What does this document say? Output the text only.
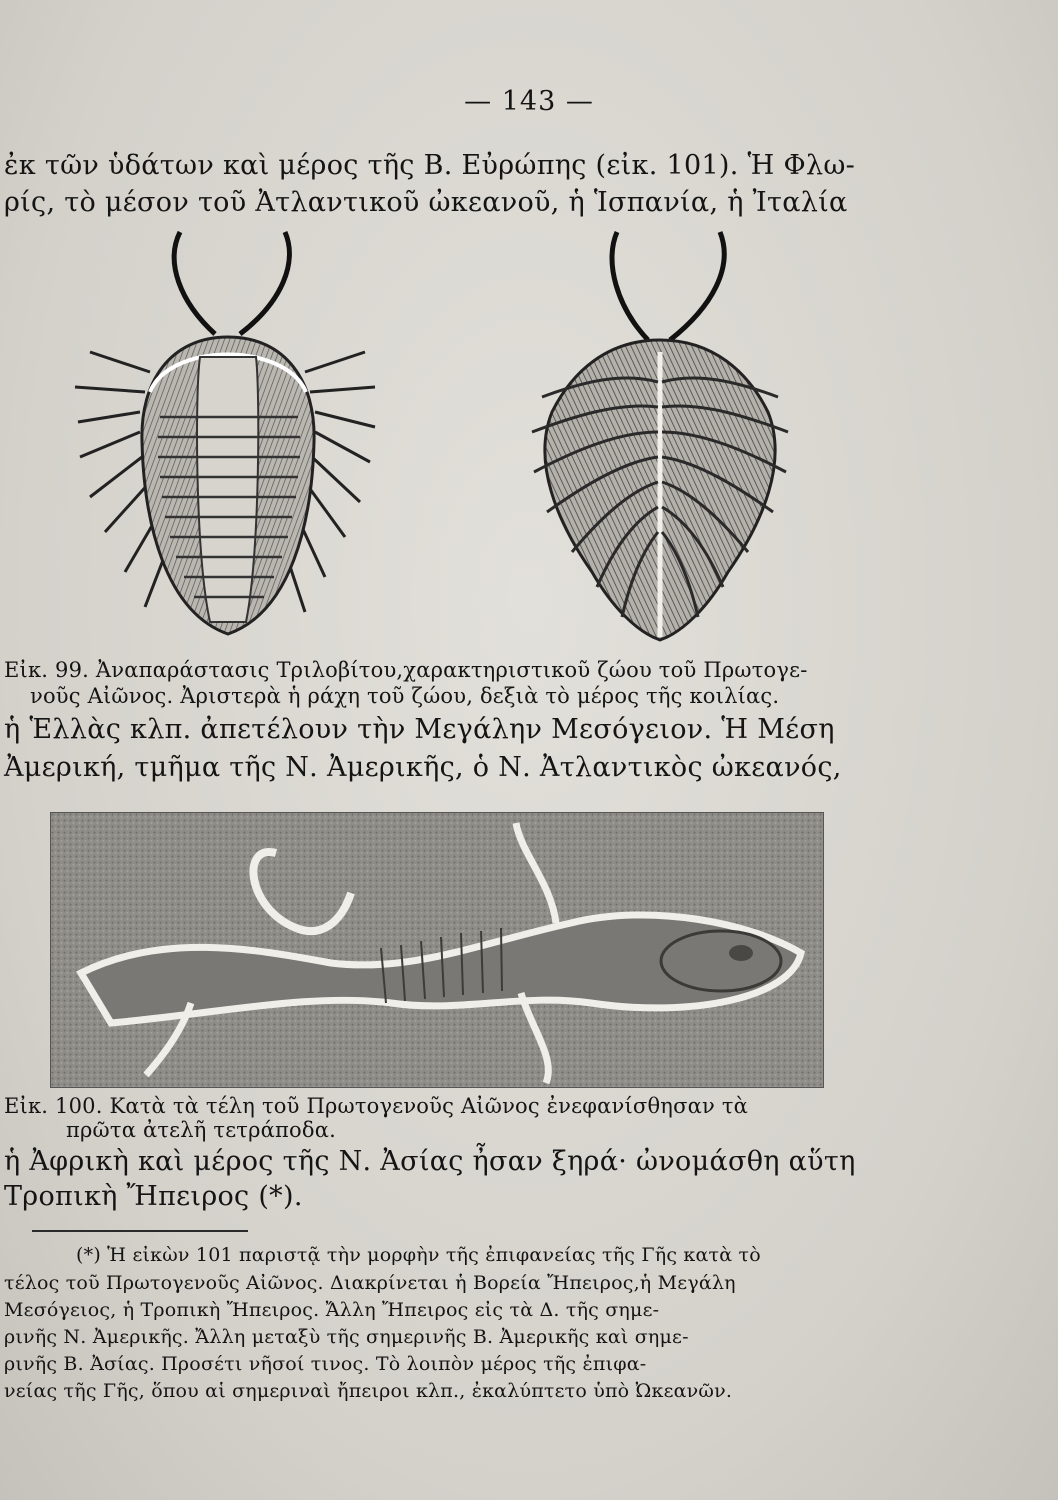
— 143 —
ἐκ τῶν ὑδάτων καὶ μέρος τῆς Β. Εὐρώπης (εἰκ. 101). Ἡ Φλω-
ρίς, τὸ μέσον τοῦ Ἀτλαντικοῦ ὠκεανοῦ, ἡ Ἱσπανία, ἡ Ἰταλία
Εἰκ. 99. Ἀναπαράστασις Τριλοβίτου,χαρακτηριστικοῦ ζώου τοῦ Πρωτογε-
νοῦς Αἰῶνος. Ἀριστερὰ ἡ ράχη τοῦ ζώου, δεξιὰ τὸ μέρος τῆς κοιλίας.
ἡ Ἑλλὰς κλπ. ἀπετέλουν τὴν Μεγάλην Μεσόγειον. Ἡ Μέση
Ἀμερική, τμῆμα τῆς Ν. Ἀμερικῆς, ὁ Ν. Ἀτλαντικὸς ὠκεανός,
Εἰκ. 100. Κατὰ τὰ τέλη τοῦ Πρωτογενοῦς Αἰῶνος ἐνεφανίσθησαν τὰ
πρῶτα ἀτελῆ τετράποδα.
ἡ Ἀφρικὴ καὶ μέρος τῆς Ν. Ἀσίας ἦσαν ξηρά· ὠνομάσθη αὕτη
Τροπικὴ Ἤπειρος (*).
(*) Ἡ εἰκὼν 101 παριστᾷ τὴν μορφὴν τῆς ἐπιφανείας τῆς Γῆς κατὰ τὸ
τέλος τοῦ Πρωτογενοῦς Αἰῶνος. Διακρίνεται ἡ Βορεία Ἤπειρος,ἡ Μεγάλη
Μεσόγειος, ἡ Τροπικὴ Ἤπειρος. Ἄλλη Ἤπειρος εἰς τὰ Δ. τῆς σημε-
ρινῆς Ν. Ἀμερικῆς. Ἄλλη μεταξὺ τῆς σημερινῆς Β. Ἀμερικῆς καὶ σημε-
ρινῆς Β. Ἀσίας. Προσέτι νῆσοί τινος. Τὸ λοιπὸν μέρος τῆς ἐπιφα-
νείας τῆς Γῆς, ὅπου αἱ σημεριναὶ ἤπειροι κλπ., ἐκαλύπτετο ὑπὸ Ὠκεανῶν.
